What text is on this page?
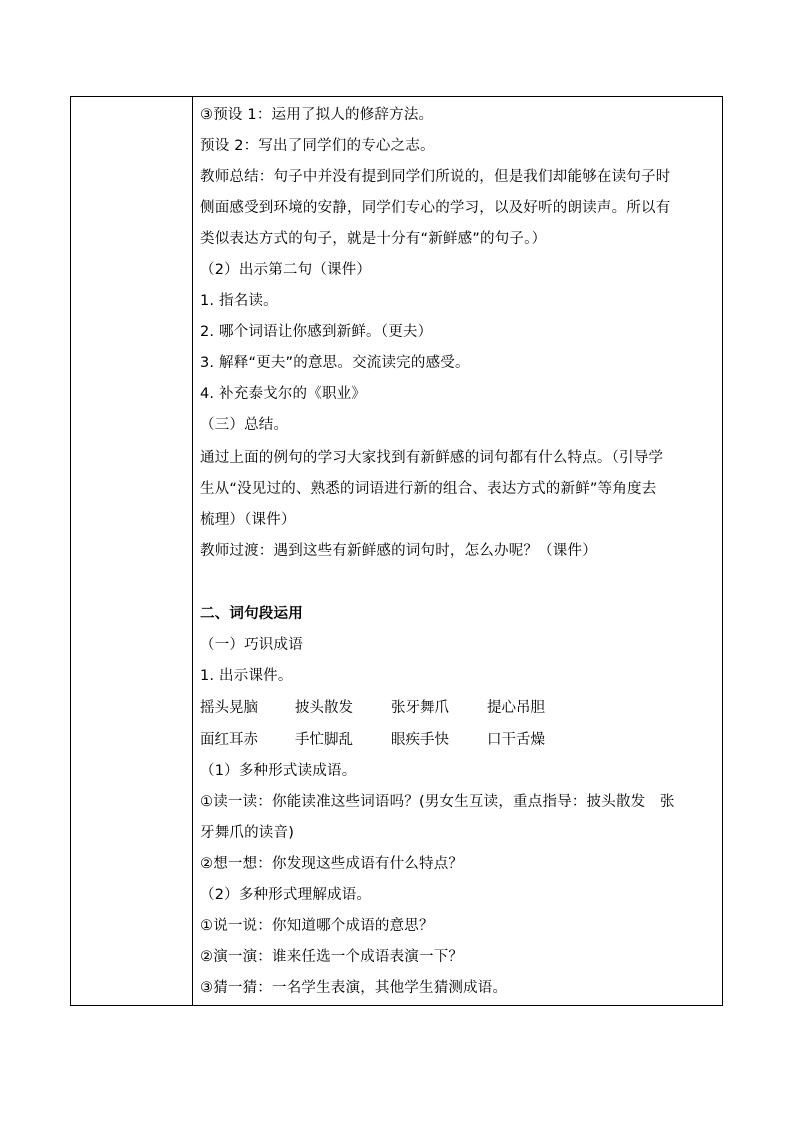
摇头晃脑	披头散发	张牙舞爪	提心吊胆
面红耳赤	手忙脚乱	眼疾手快	口干舌燥
③预设 1：运用了拟人的修辞方法。
预设 2：写出了同学们的专心之志。
教师总结：句子中并没有提到同学们所说的，但是我们却能够在读句子时
侧面感受到环境的安静，同学们专心的学习，以及好听的朗读声。所以有
类似表达方式的句子，就是十分有“新鲜感”的句子。）
（2）出示第二句（课件）
1. 指名读。
2. 哪个词语让你感到新鲜。（更夫）
3. 解释“更夫”的意思。交流读完的感受。
4. 补充泰戈尔的《职业》
（三）总结。
通过上面的例句的学习大家找到有新鲜感的词句都有什么特点。（引导学
生从“没见过的、熟悉的词语进行新的组合、表达方式的新鲜”等角度去
梳理）（课件）
教师过渡：遇到这些有新鲜感的词句时，怎么办呢？（课件）
二、词句段运用
（一）巧识成语
1. 出示课件。
（1）多种形式读成语。
①读一读：你能读准这些词语吗？(男女生互读，重点指导：披头散发　张
牙舞爪的读音)
②想一想：你发现这些成语有什么特点？
（2）多种形式理解成语。
①说一说：你知道哪个成语的意思？
②演一演：谁来任选一个成语表演一下？
③猜一猜：一名学生表演，其他学生猜测成语。
